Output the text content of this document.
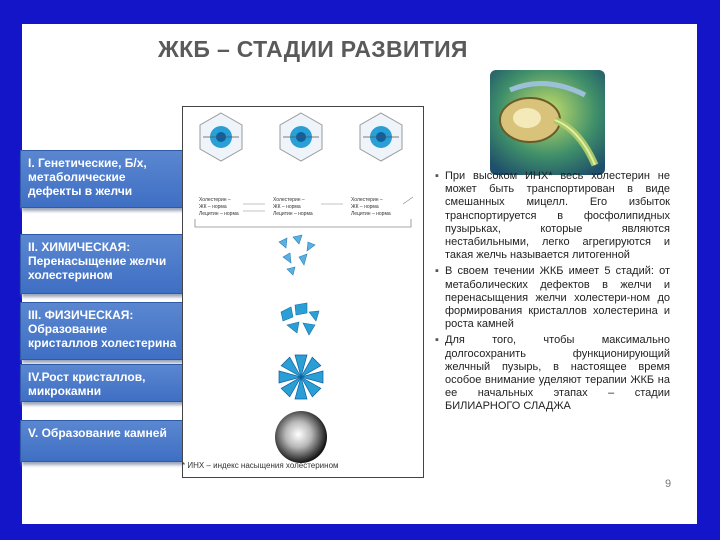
ЖКБ – СТАДИИ РАЗВИТИЯ
I. Генетические, Б/х, метаболические дефекты в желчи
II. ХИМИЧЕСКАЯ: Перенасыщение желчи холестерином
III. ФИЗИЧЕСКАЯ: Образование кристаллов холестерина
IV.Рост кристаллов, микрокамни
V. Образование камней
Холестерин –
ЖК – норма
Лецитин – норма
Холестерин –
ЖК – норма
Лецитин – норма
Холестерин –
ЖК – норма
Лецитин – норма
* ИНХ – индекс насыщения холестерином
▪ При высоком ИНХ* весь холестерин не может быть транспортирован в виде смешанных мицелл. Его избыток транспортируется в фосфолипидных пузырьках, которые являются нестабильными, легко агрегируются и такая желчь называется литогенной
▪ В своем течении ЖКБ имеет 5 стадий: от метаболических дефектов в желчи и перенасыщения желчи холестери-ном до формирования кристаллов холестерина и роста камней
▪ Для того, чтобы максимально долгосохранить функционирующий желчный пузырь, в настоящее время особое внимание уделяют терапии ЖКБ на ее начальных этапах – стадии БИЛИАРНОГО СЛАДЖА
9
